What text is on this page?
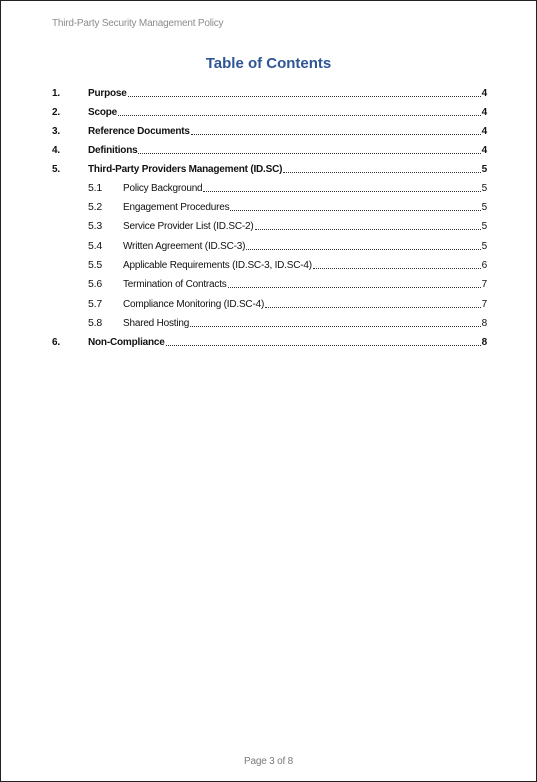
Third-Party Security Management Policy
Table of Contents
1.	Purpose	4
2.	Scope	4
3.	Reference Documents	4
4.	Definitions	4
5.	Third-Party Providers Management (ID.SC)	5
5.1 Policy Background	5
5.2 Engagement Procedures	5
5.3 Service Provider List (ID.SC-2)	5
5.4 Written Agreement (ID.SC-3)	5
5.5 Applicable Requirements (ID.SC-3, ID.SC-4)	6
5.6 Termination of Contracts	7
5.7 Compliance Monitoring (ID.SC-4)	7
5.8 Shared Hosting	8
6.	Non-Compliance	8
Page 3 of 8
